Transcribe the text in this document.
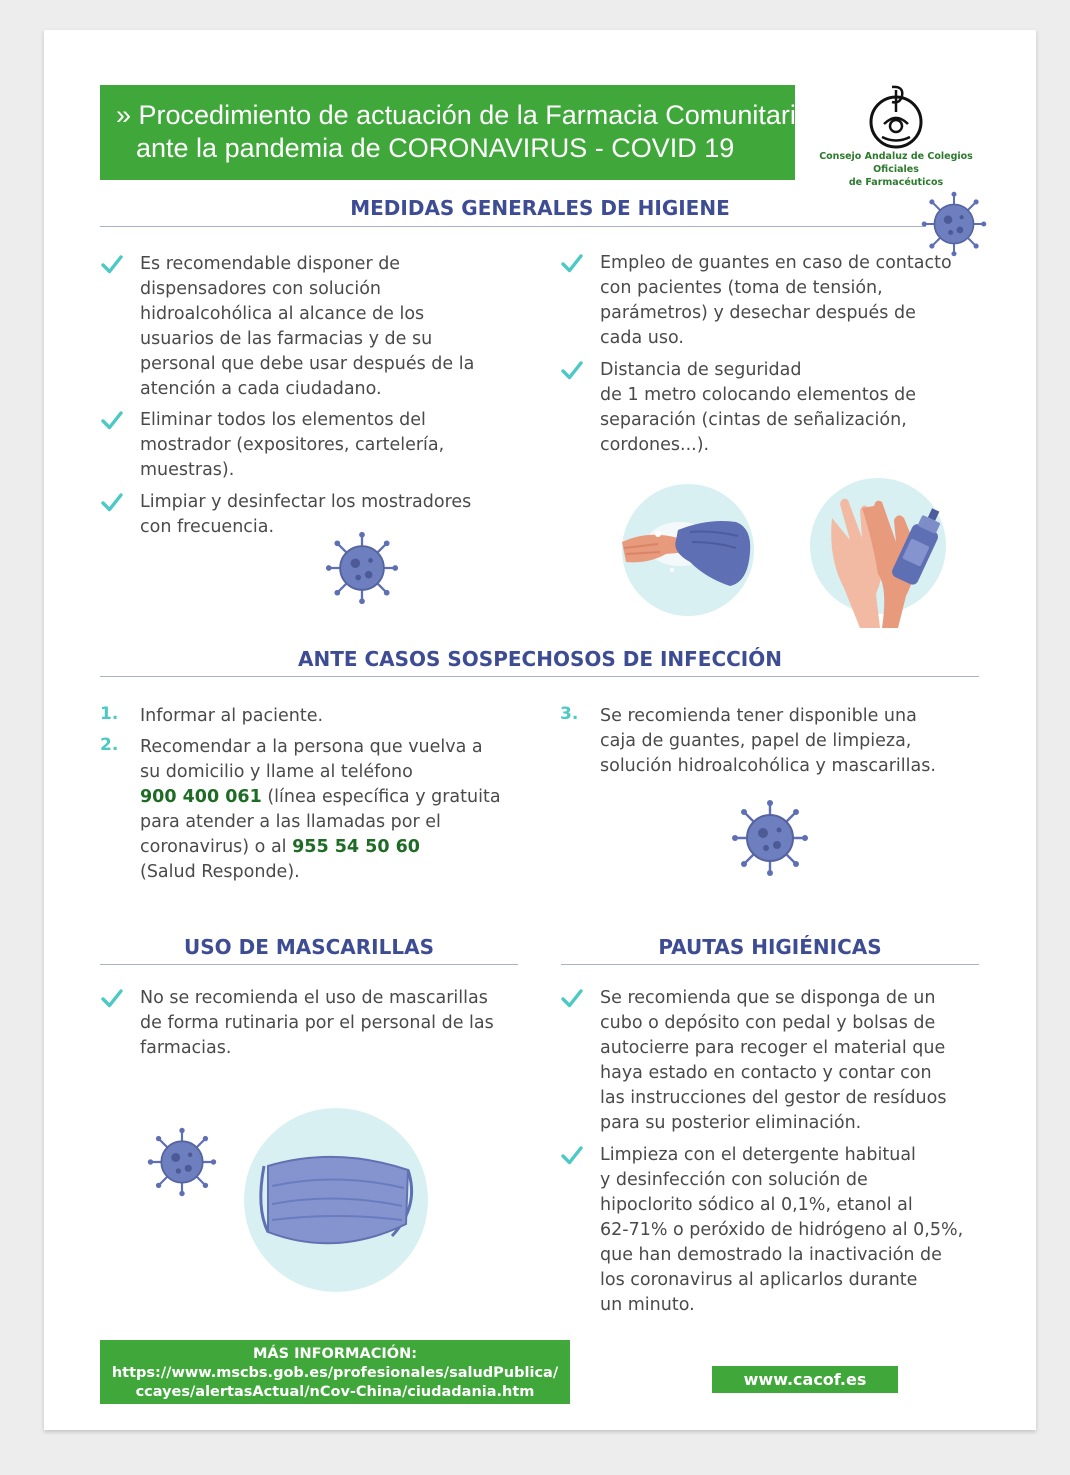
» Procedimiento de actuación de la Farmacia Comunitaria
ante la pandemia de CORONAVIRUS - COVID 19	Consejo Andaluz de Colegios Oficiales
de Farmacéuticos
MEDIDAS GENERALES DE HIGIENE
Es recomendable disponer de
dispensadores con solución
hidroalcohólica al alcance de los
usuarios de las farmacias y de su
personal que debe usar después de la
atención a cada ciudadano.
Eliminar todos los elementos del
mostrador (expositores, cartelería,
muestras).
Limpiar y desinfectar los mostradores
con frecuencia.
Empleo de guantes en caso de contacto
con pacientes (toma de tensión,
parámetros) y desechar después de
cada uso.
Distancia de seguridad
de 1 metro colocando elementos de
separación (cintas de señalización,
cordones...).
ANTE CASOS SOSPECHOSOS DE INFECCIÓN
1. Informar al paciente.
2. Recomendar a la persona que vuelva a
su domicilio y llame al teléfono
900 400 061 (línea específica y gratuita
para atender a las llamadas por el
coronavirus) o al 955 54 50 60
(Salud Responde).
3. Se recomienda tener disponible una
caja de guantes, papel de limpieza,
solución hidroalcohólica y mascarillas.
USO DE MASCARILLAS
No se recomienda el uso de mascarillas
de forma rutinaria por el personal de las
farmacias.
PAUTAS HIGIÉNICAS
Se recomienda que se disponga de un
cubo o depósito con pedal y bolsas de
autocierre para recoger el material que
haya estado en contacto y contar con
las instrucciones del gestor de resíduos
para su posterior eliminación.
Limpieza con el detergente habitual
y desinfección con solución de
hipoclorito sódico al 0,1%, etanol al
62-71% o peróxido de hidrógeno al 0,5%,
que han demostrado la inactivación de
los coronavirus al aplicarlos durante
un minuto.
MÁS INFORMACIÓN:
https://www.mscbs.gob.es/profesionales/saludPublica/
ccayes/alertasActual/nCov-China/ciudadania.htm
www.cacof.es
